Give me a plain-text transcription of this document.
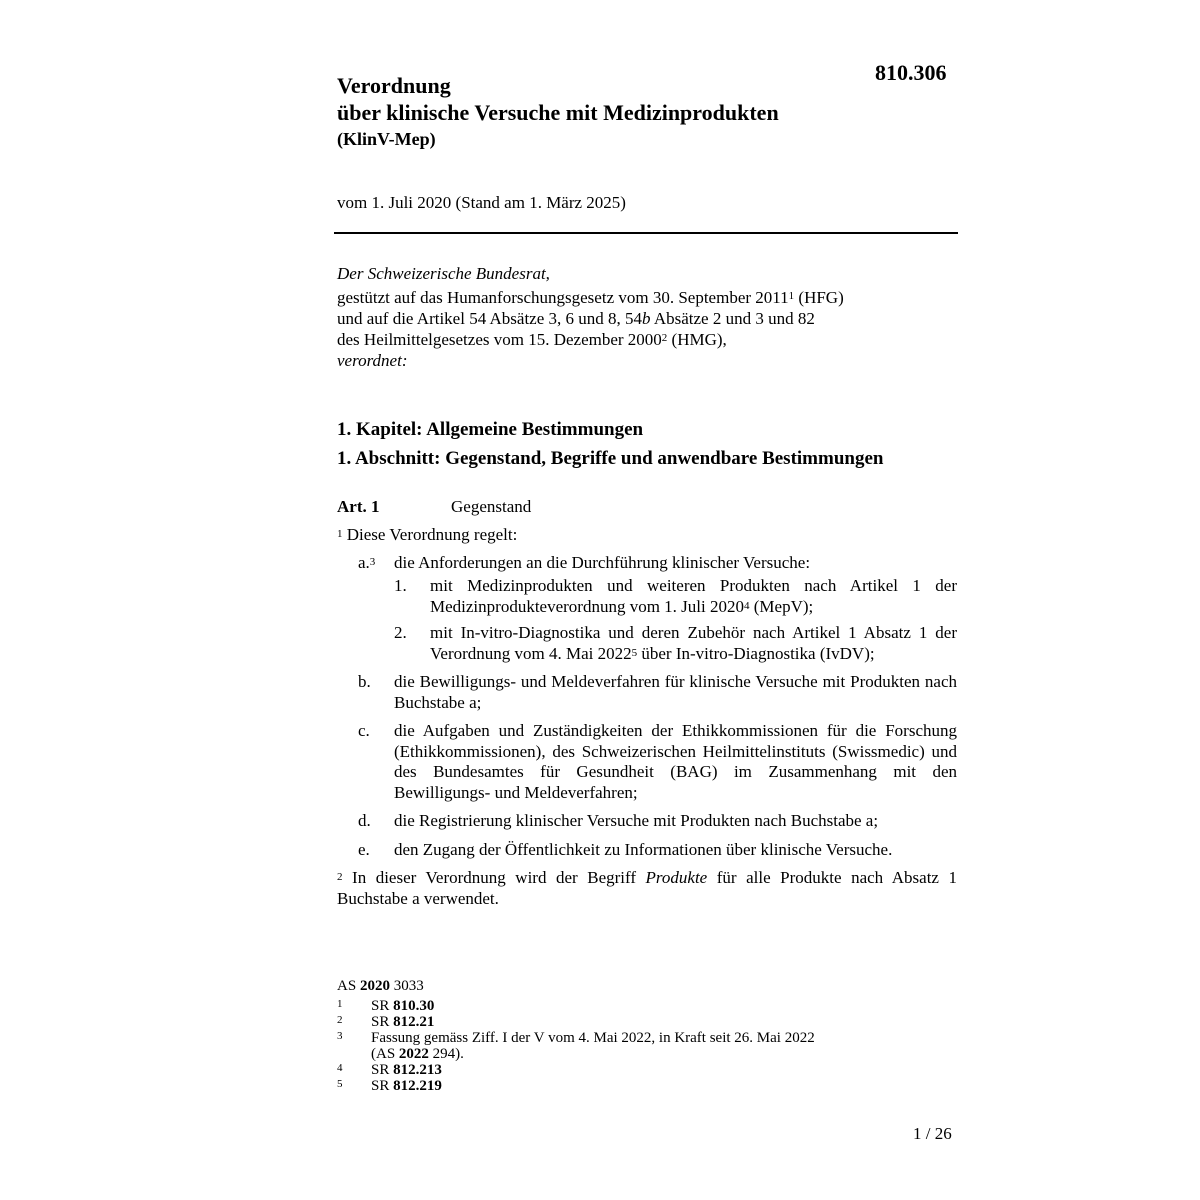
810.306
Verordnung
über klinische Versuche mit Medizinprodukten
(KlinV-Mep)
vom 1. Juli 2020 (Stand am 1. März 2025)
Der Schweizerische Bundesrat,
gestützt auf das Humanforschungsgesetz vom 30. September 2011$^1$ (HFG)
und auf die Artikel 54 Absätze 3, 6 und 8, 54b Absätze 2 und 3 und 82
des Heilmittelgesetzes vom 15. Dezember 2000$^2$ (HMG),
verordnet:
1. Kapitel: Allgemeine Bestimmungen
1. Abschnitt: Gegenstand, Begriffe und anwendbare Bestimmungen
Art. 1	Gegenstand
$^1$ Diese Verordnung regelt:
a.$^3$ die Anforderungen an die Durchführung klinischer Versuche:
1. mit Medizinprodukten und weiteren Produkten nach Artikel 1 der Medizinprodukteverordnung vom 1. Juli 2020$^4$ (MepV);
2. mit In-vitro-Diagnostika und deren Zubehör nach Artikel 1 Absatz 1 der Verordnung vom 4. Mai 2022$^5$ über In-vitro-Diagnostika (IvDV);
b. die Bewilligungs- und Meldeverfahren für klinische Versuche mit Produkten nach Buchstabe a;
c. die Aufgaben und Zuständigkeiten der Ethikkommissionen für die Forschung (Ethikkommissionen), des Schweizerischen Heilmittelinstituts (Swissmedic) und des Bundesamtes für Gesundheit (BAG) im Zusammenhang mit den Bewilligungs- und Meldeverfahren;
d. die Registrierung klinischer Versuche mit Produkten nach Buchstabe a;
e. den Zugang der Öffentlichkeit zu Informationen über klinische Versuche.
$^2$ In dieser Verordnung wird der Begriff Produkte für alle Produkte nach Absatz 1 Buchstabe a verwendet.
AS 2020 3033
1 SR 810.30
2 SR 812.21
3 Fassung gemäss Ziff. I der V vom 4. Mai 2022, in Kraft seit 26. Mai 2022
(AS 2022 294).
4 SR 812.213
5 SR 812.219
1 / 26
